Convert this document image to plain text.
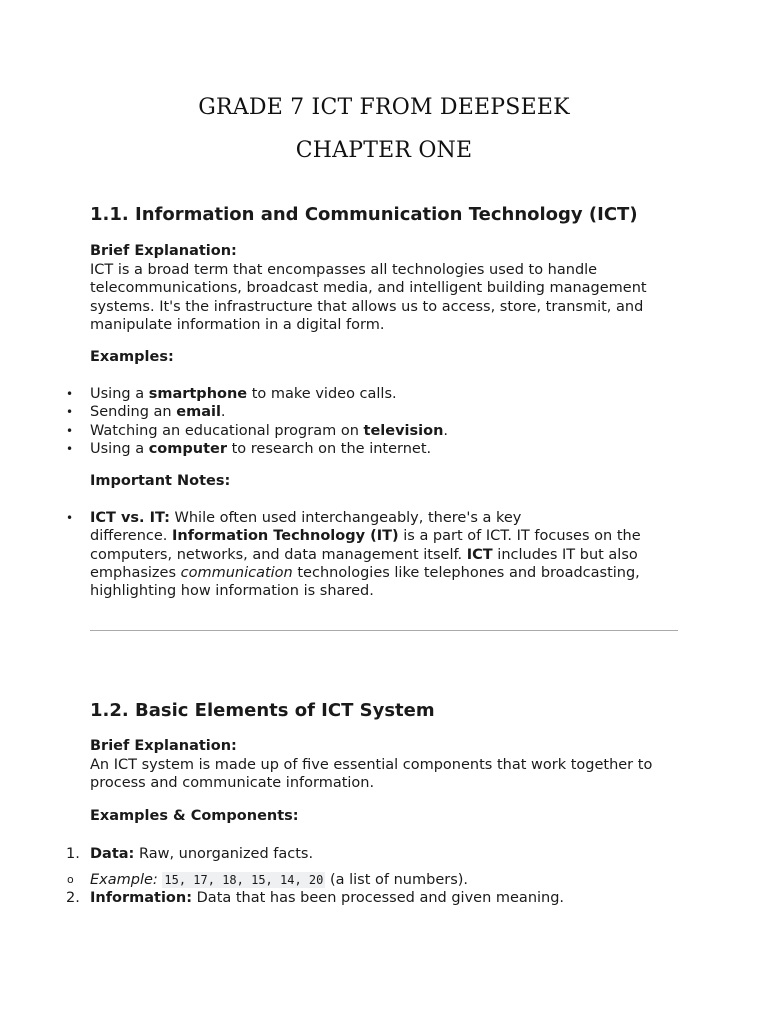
GRADE 7 ICT FROM DEEPSEEK
CHAPTER ONE
1.1. Information and Communication Technology (ICT)
Brief Explanation:
ICT is a broad term that encompasses all technologies used to handle
telecommunications, broadcast media, and intelligent building management
systems. It's the infrastructure that allows us to access, store, transmit, and
manipulate information in a digital form.
Examples:
• Using a smartphone to make video calls.
• Sending an email.
• Watching an educational program on television.
• Using a computer to research on the internet.
Important Notes:
• ICT vs. IT: While often used interchangeably, there's a key
difference. Information Technology (IT) is a part of ICT. IT focuses on the
computers, networks, and data management itself. ICT includes IT but also
emphasizes communication technologies like telephones and broadcasting,
highlighting how information is shared.
1.2. Basic Elements of ICT System
Brief Explanation:
An ICT system is made up of five essential components that work together to
process and communicate information.
Examples & Components:
1. Data: Raw, unorganized facts.
o Example: 15, 17, 18, 15, 14, 20 (a list of numbers).
2. Information: Data that has been processed and given meaning.
